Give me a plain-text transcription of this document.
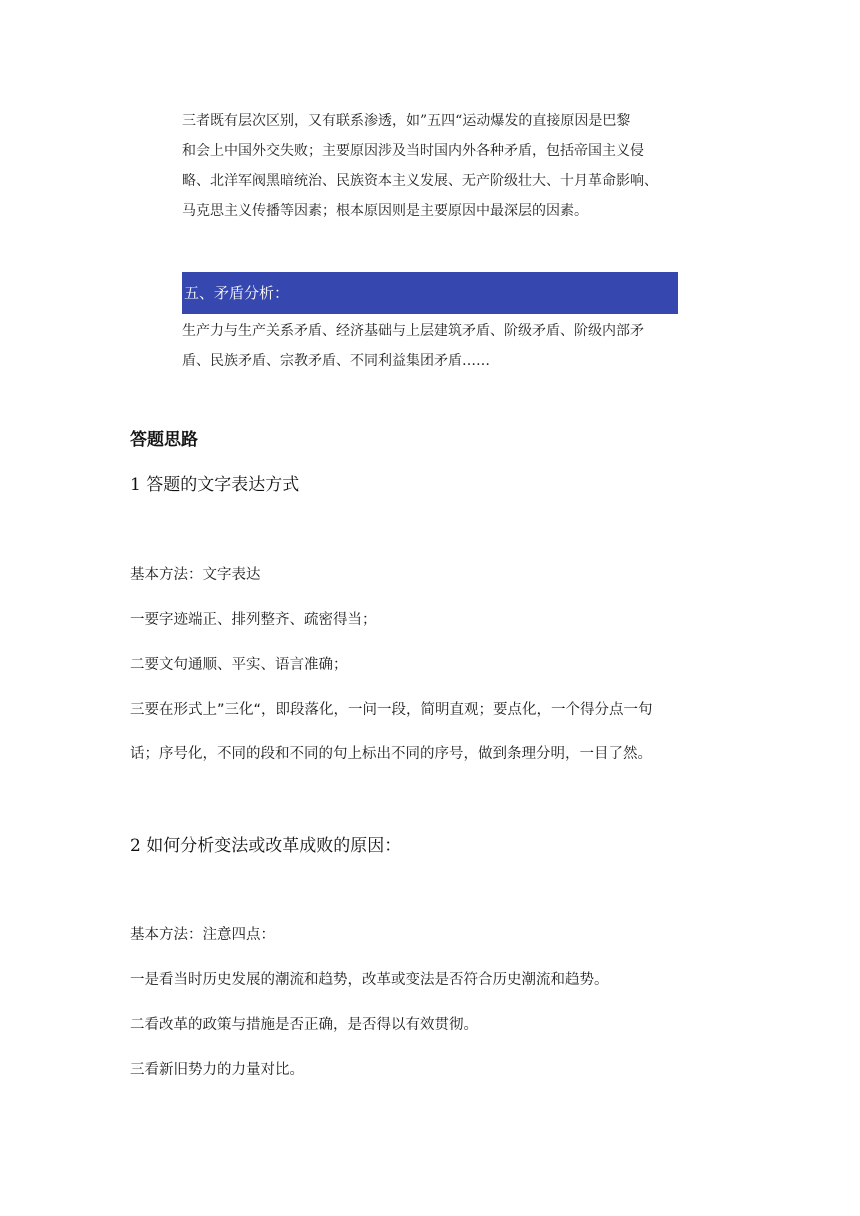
三者既有层次区别，又有联系渗透，如”五四“运动爆发的直接原因是巴黎
和会上中国外交失败；主要原因涉及当时国内外各种矛盾，包括帝国主义侵
略、北洋军阀黑暗统治、民族资本主义发展、无产阶级壮大、十月革命影响、
马克思主义传播等因素；根本原因则是主要原因中最深层的因素。
五、矛盾分析：
生产力与生产关系矛盾、经济基础与上层建筑矛盾、阶级矛盾、阶级内部矛
盾、民族矛盾、宗教矛盾、不同利益集团矛盾……
答题思路
1 答题的文字表达方式
基本方法：文字表达
一要字迹端正、排列整齐、疏密得当；
二要文句通顺、平实、语言准确；
三要在形式上”三化“，即段落化，一问一段，简明直观；要点化，一个得分点一句
话；序号化，不同的段和不同的句上标出不同的序号，做到条理分明，一目了然。
2 如何分析变法或改革成败的原因：
基本方法：注意四点：
一是看当时历史发展的潮流和趋势，改革或变法是否符合历史潮流和趋势。
二看改革的政策与措施是否正确，是否得以有效贯彻。
三看新旧势力的力量对比。
